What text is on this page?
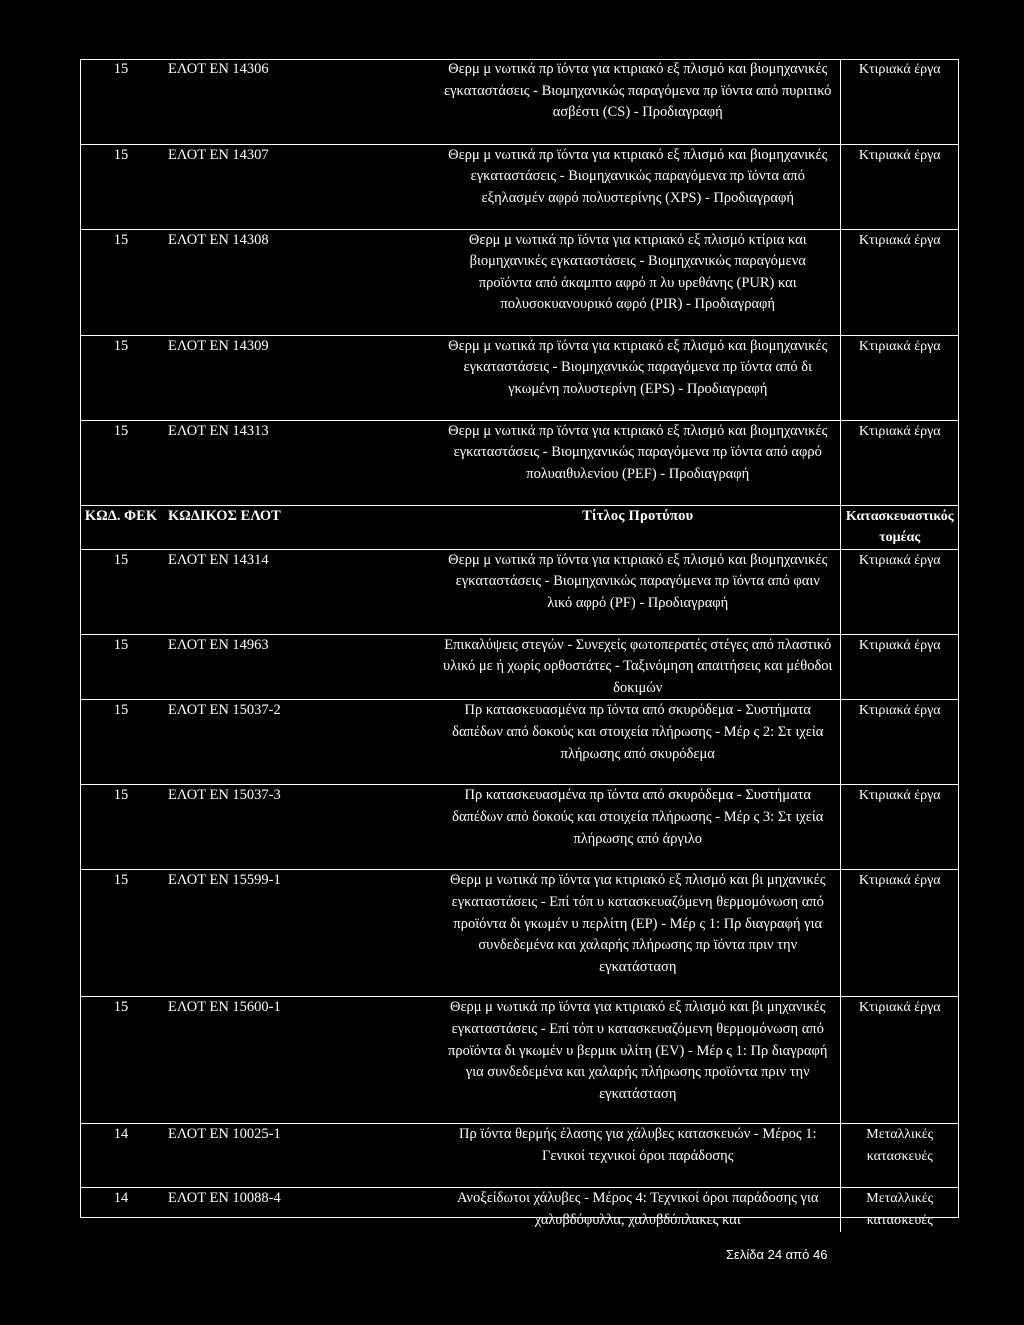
15	ΕΛΟΤ ΕΝ 14306	Θερμ μ νωτικά πρ ϊόντα για κτιριακό εξ πλισμό και βιομηχανικές εγκαταστάσεις - Βιομηχανικώς παραγόμενα πρ ϊόντα από πυριτικό ασβέστι (CS) - Προδιαγραφή	Κτιριακά έργα
15	ΕΛΟΤ ΕΝ 14307	Θερμ μ νωτικά πρ ϊόντα για κτιριακό εξ πλισμό και βιομηχανικές εγκαταστάσεις - Βιομηχανικώς παραγόμενα πρ ϊόντα από εξηλασμέν αφρό πολυστερίνης (XPS) - Προδιαγραφή	Κτιριακά έργα
15	ΕΛΟΤ ΕΝ 14308	Θερμ μ νωτικά πρ ϊόντα για κτιριακό εξ πλισμό κτίρια και βιομηχανικές εγκαταστάσεις - Βιομηχανικώς παραγόμενα προϊόντα από άκαμπτο αφρό π λυ υρεθάνης (PUR) και πολυσοκυανουρικό αφρό (PIR) - Προδιαγραφή	Κτιριακά έργα
15	ΕΛΟΤ ΕΝ 14309	Θερμ μ νωτικά πρ ϊόντα για κτιριακό εξ πλισμό και βιομηχανικές εγκαταστάσεις - Βιομηχανικώς παραγόμενα πρ ϊόντα από δι γκωμένη πολυστερίνη (EPS) - Προδιαγραφή	Κτιριακά έργα
15	ΕΛΟΤ ΕΝ 14313	Θερμ μ νωτικά πρ ϊόντα για κτιριακό εξ πλισμό και βιομηχανικές εγκαταστάσεις - Βιομηχανικώς παραγόμενα πρ ϊόντα από αφρό πολυαιθυλενίου (PEF) - Προδιαγραφή	Κτιριακά έργα
ΚΩΔ. ΦΕΚ	ΚΩΔΙΚΟΣ ΕΛΟΤ	Τίτλος Προτύπου	Κατασκευαστικός τομέας
15	ΕΛΟΤ ΕΝ 14314	Θερμ μ νωτικά πρ ϊόντα για κτιριακό εξ πλισμό και βιομηχανικές εγκαταστάσεις - Βιομηχανικώς παραγόμενα πρ ϊόντα από φαιν λικό αφρό (PF) - Προδιαγραφή	Κτιριακά έργα
15	ΕΛΟΤ ΕΝ 14963	Επικαλύψεις στεγών - Συνεχείς φωτοπερατές στέγες από πλαστικό υλικό με ή χωρίς ορθοστάτες - Ταξινόμηση απαιτήσεις και μέθοδοι δοκιμών	Κτιριακά έργα
15	ΕΛΟΤ ΕΝ 15037-2	Πρ κατασκευασμένα πρ ϊόντα από σκυρόδεμα - Συστήματα δαπέδων από δοκούς και στοιχεία πλήρωσης - Μέρ ς 2: Στ ιχεία πλήρωσης από σκυρόδεμα	Κτιριακά έργα
15	ΕΛΟΤ ΕΝ 15037-3	Πρ κατασκευασμένα πρ ϊόντα από σκυρόδεμα - Συστήματα δαπέδων από δοκούς και στοιχεία πλήρωσης - Μέρ ς 3: Στ ιχεία πλήρωσης από άργιλο	Κτιριακά έργα
15	ΕΛΟΤ ΕΝ 15599-1	Θερμ μ νωτικά πρ ϊόντα για κτιριακό εξ πλισμό και βι μηχανικές εγκαταστάσεις - Επί τόπ υ κατασκευαζόμενη θερμομόνωση από προϊόντα δι γκωμέν υ περλίτη (EP) - Μέρ ς 1: Πρ διαγραφή για συνδεδεμένα και χαλαρής πλήρωσης πρ ϊόντα πριν την εγκατάσταση	Κτιριακά έργα
15	ΕΛΟΤ ΕΝ 15600-1	Θερμ μ νωτικά πρ ϊόντα για κτιριακό εξ πλισμό και βι μηχανικές εγκαταστάσεις - Επί τόπ υ κατασκευαζόμενη θερμομόνωση από προϊόντα δι γκωμέν υ βερμικ υλίτη (EV) - Μέρ ς 1: Πρ διαγραφή για συνδεδεμένα και χαλαρής πλήρωσης προϊόντα πριν την εγκατάσταση	Κτιριακά έργα
14	ΕΛΟΤ ΕΝ 10025-1	Πρ ϊόντα θερμής έλασης για χάλυβες κατασκευών - Μέρος 1: Γενικοί τεχνικοί όροι παράδοσης	Μεταλλικές κατασκευές
14	ΕΛΟΤ ΕΝ 10088-4	Ανοξείδωτοι χάλυβες - Μέρος 4: Τεχνικοί όροι παράδοσης για χαλυβδόφυλλα, χαλυβδόπλακες και	Μεταλλικές κατασκευές
Σελίδα 24 από 46
